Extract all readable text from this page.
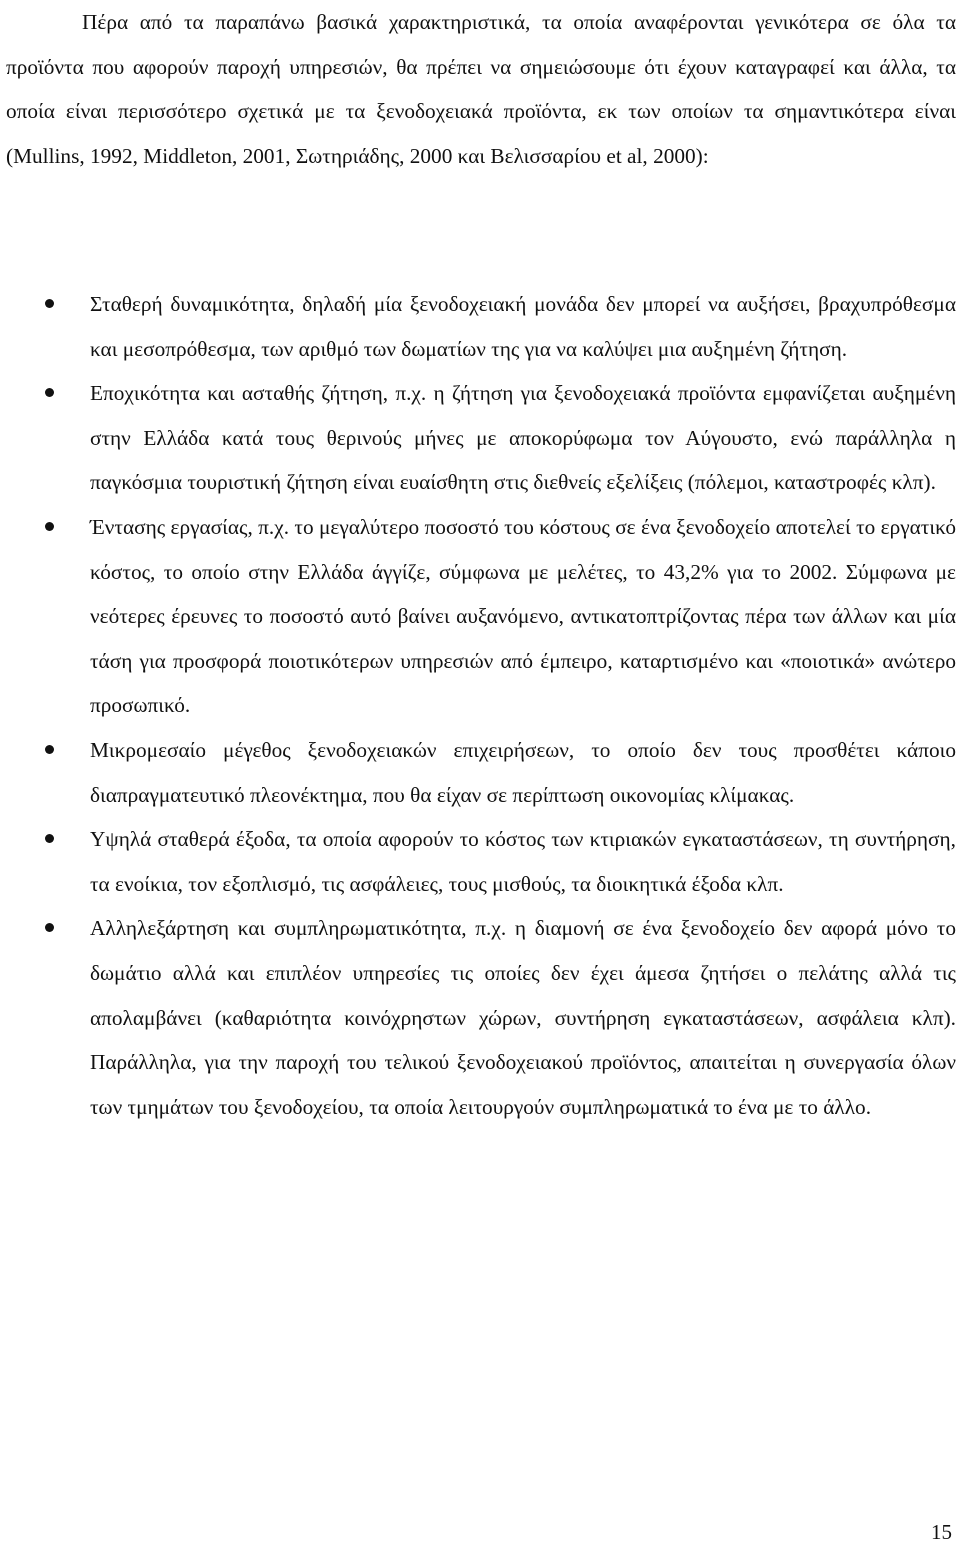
Πέρα από τα παραπάνω βασικά χαρακτηριστικά, τα οποία αναφέρονται γενικότερα σε όλα τα προϊόντα που αφορούν παροχή υπηρεσιών, θα πρέπει να σημειώσουμε ότι έχουν καταγραφεί και άλλα, τα οποία είναι περισσότερο σχετικά με τα ξενοδοχειακά προϊόντα, εκ των οποίων τα σημαντικότερα είναι (Mullins, 1992, Middleton, 2001, Σωτηριάδης, 2000 και Βελισσαρίου et al, 2000):

Σταθερή δυναμικότητα, δηλαδή μία ξενοδοχειακή μονάδα δεν μπορεί να αυξήσει, βραχυπρόθεσμα και μεσοπρόθεσμα, των αριθμό των δωματίων της για να καλύψει μια αυξημένη ζήτηση.
Εποχικότητα και ασταθής ζήτηση, π.χ. η ζήτηση για ξενοδοχειακά προϊόντα εμφανίζεται αυξημένη στην Ελλάδα κατά τους θερινούς μήνες με αποκορύφωμα τον Αύγουστο, ενώ παράλληλα η παγκόσμια τουριστική ζήτηση είναι ευαίσθητη στις διεθνείς εξελίξεις (πόλεμοι, καταστροφές κλπ).
Έντασης εργασίας, π.χ. το μεγαλύτερο ποσοστό του κόστους σε ένα ξενοδοχείο αποτελεί το εργατικό κόστος, το οποίο στην Ελλάδα άγγίζε, σύμφωνα με μελέτες, το 43,2% για το 2002. Σύμφωνα με νεότερες έρευνες το ποσοστό αυτό βαίνει αυξανόμενο, αντικατοπτρίζοντας πέρα των άλλων και μία τάση για προσφορά ποιοτικότερων υπηρεσιών από έμπειρο, καταρτισμένο και «ποιοτικά» ανώτερο προσωπικό.
Μικρομεσαίο μέγεθος ξενοδοχειακών επιχειρήσεων, το οποίο δεν τους προσθέτει κάποιο διαπραγματευτικό πλεονέκτημα, που θα είχαν σε περίπτωση οικονομίας κλίμακας.
Υψηλά σταθερά έξοδα, τα οποία αφορούν το κόστος των κτιριακών εγκαταστάσεων, τη συντήρηση, τα ενοίκια, τον εξοπλισμό, τις ασφάλειες, τους μισθούς, τα διοικητικά έξοδα κλπ.
Αλληλεξάρτηση και συμπληρωματικότητα, π.χ. η διαμονή σε ένα ξενοδοχείο δεν αφορά μόνο το δωμάτιο αλλά και επιπλέον υπηρεσίες τις οποίες δεν έχει άμεσα ζητήσει ο πελάτης αλλά τις απολαμβάνει (καθαριότητα κοινόχρηστων χώρων, συντήρηση εγκαταστάσεων, ασφάλεια κλπ). Παράλληλα, για την παροχή του τελικού ξενοδοχειακού προϊόντος, απαιτείται η συνεργασία όλων των τμημάτων του ξενοδοχείου, τα οποία λειτουργούν συμπληρωματικά το ένα με το άλλο.
15
